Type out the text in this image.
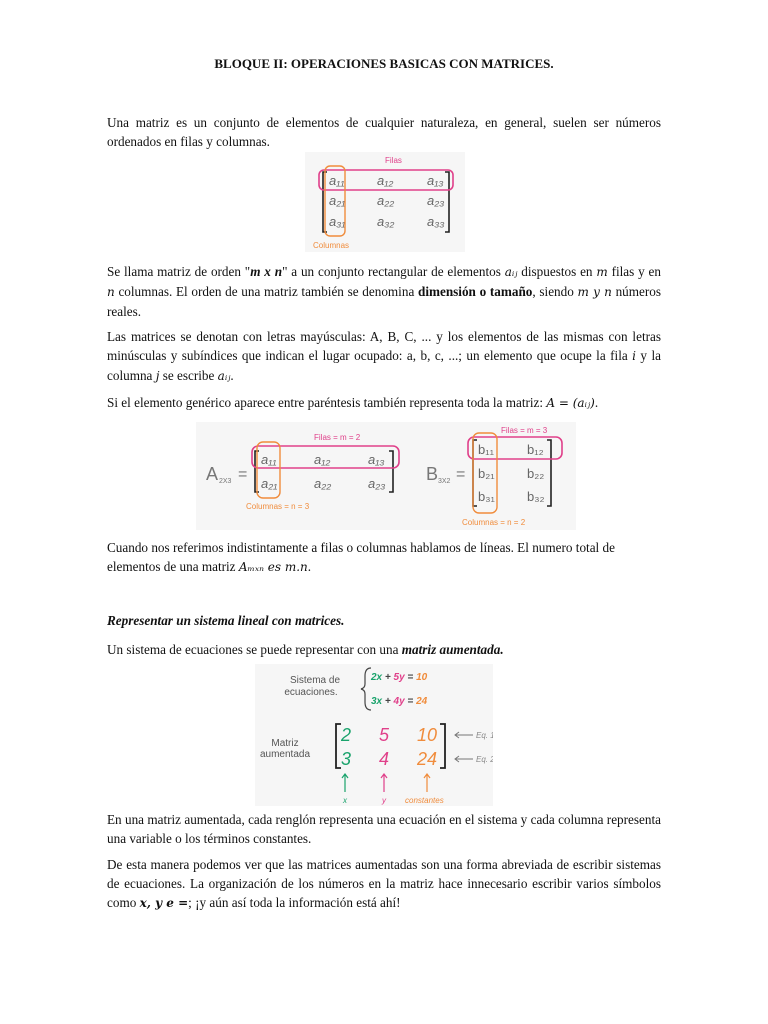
BLOQUE II: OPERACIONES BASICAS CON MATRICES.
Una matriz es un conjunto de elementos de cualquier naturaleza, en general, suelen ser números ordenados en filas y columnas.
Filas
a₁₁	a₁₂	a₁₃
a₂₁ a₂₂	a₂₃
a₃₁ a₃₂	a₃₃
Columnas
Se llama matriz de orden "m x n" a un conjunto rectangular de elementos aᵢⱼ dispuestos en m filas y en n columnas. El orden de una matriz también se denomina dimensión o tamaño, siendo m y n números reales.
Las matrices se denotan con letras mayúsculas: A, B, C, ... y los elementos de las mismas con letras minúsculas y subíndices que indican el lugar ocupado: a, b, c, ...; un elemento que ocupe la fila i y la columna j se escribe aᵢⱼ.
Si el elemento genérico aparece entre paréntesis también representa toda la matriz: A = (aᵢⱼ).
A 2X3 =
Filas = m = 2
a₁₁	a₁₂	a₁₃
a₂₁	a₂₂	a₂₃
Columnas = n = 3
B 3X2 =
Filas = m = 3
b₁₁	b₁₂
b₂₁ b₂₂
b₃₁ b₃₂
Columnas = n = 2
Cuando nos referimos indistintamente a filas o columnas hablamos de líneas. El numero total de elementos de una matriz Aₘₓₙ es m.n.
Representar un sistema lineal con matrices.
Un sistema de ecuaciones se puede representar con una matriz aumentada.
Sistema de
ecuaciones.
2x + 5y = 10
3x + 4y = 24
Matriz
aumentada
2 5 10
3 4 24
Eq. 1
Eq. 2
x	y constantes
En una matriz aumentada, cada renglón representa una ecuación en el sistema y cada columna representa una variable o los términos constantes.
De esta manera podemos ver que las matrices aumentadas son una forma abreviada de escribir sistemas de ecuaciones. La organización de los números en la matriz hace innecesario escribir varios símbolos como x, y e =; ¡y aún así toda la información está ahí!
